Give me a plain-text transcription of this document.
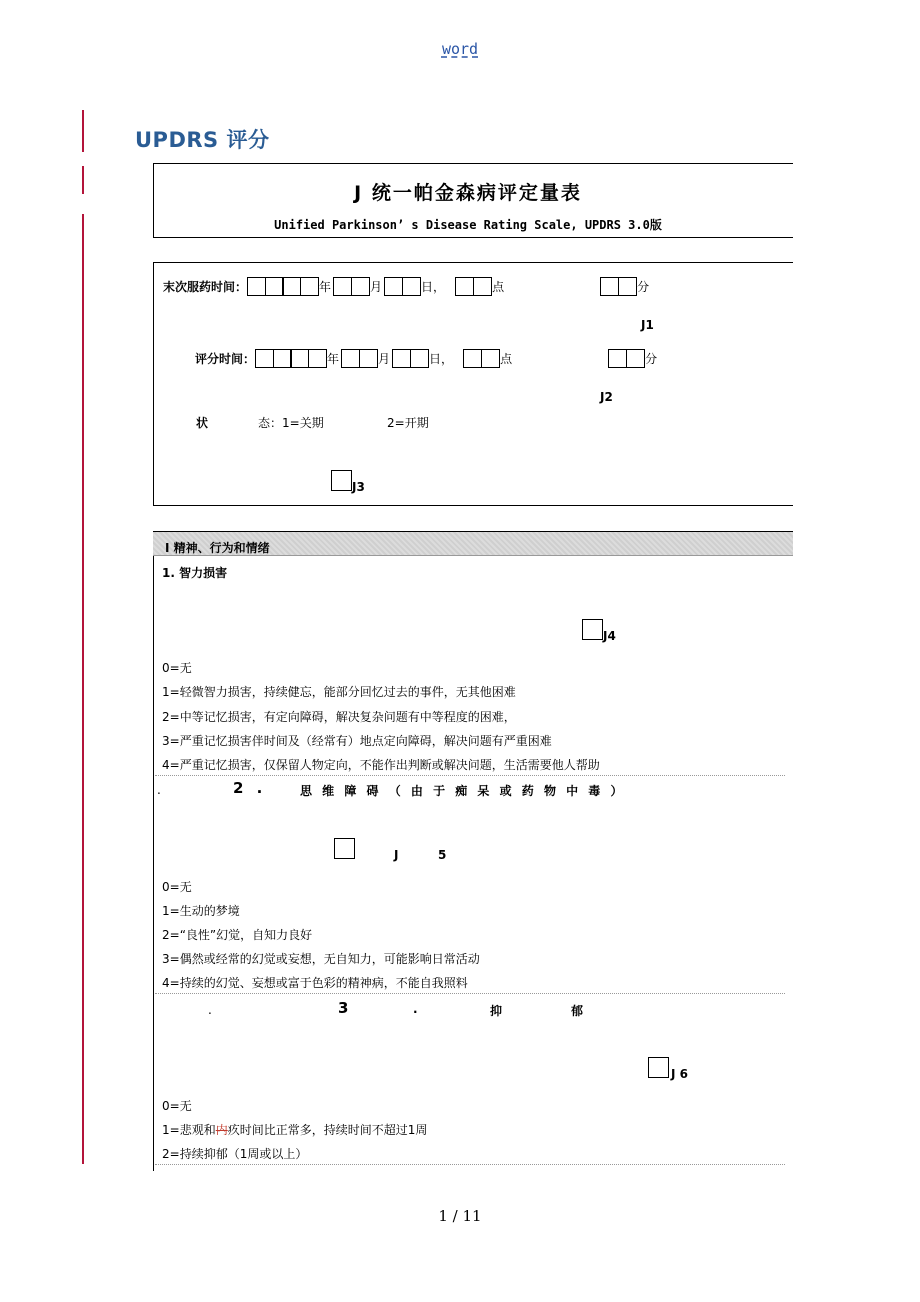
word
UPDRS 评分
J 统一帕金森病评定量表
Unified Parkinson’ s Disease Rating Scale, UPDRS 3.0版
末次服药时间：	年	月	日，	点	分
J1
评分时间：	年	月	日，	点	分
J2
状	态：1=关期	2=开期
J3
I 精神、行为和情绪
1. 智力损害
J4
0=无
1=轻微智力损害，持续健忘，能部分回忆过去的事件，无其他困难
2=中等记忆损害，有定向障碍，解决复杂问题有中等程度的困难，
3=严重记忆损害伴时间及（经常有）地点定向障碍，解决问题有严重困难
4=严重记忆损害，仅保留人物定向，不能作出判断或解决问题，生活需要他人帮助
.	2 .	思 维 障 碍 （ 由 于 痴 呆 或 药 物 中 毒 ）
J	5
0=无
1=生动的梦境
2=“良性”幻觉，自知力良好
3=偶然或经常的幻觉或妄想，无自知力，可能影响日常活动
4=持续的幻觉、妄想或富于色彩的精神病，不能自我照料
.	3	.	抑	郁
J 6
0=无
1=悲观和内疚时间比正常多，持续时间不超过1周
2=持续抑郁（1周或以上）
1 / 11
